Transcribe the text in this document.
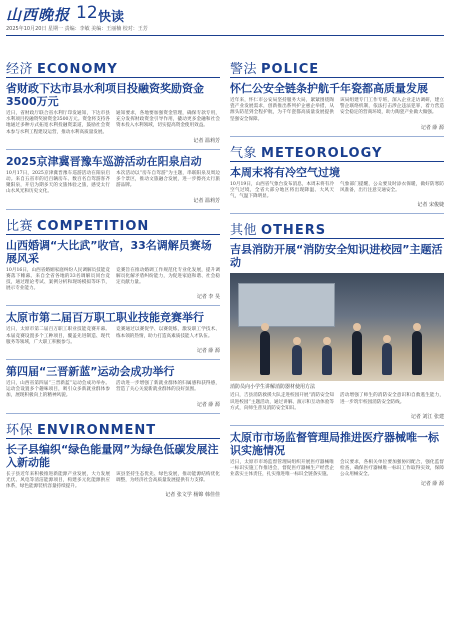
山西晚报 12 快读
2025年10月20日 星期一 责编：李敏 美编：王丽楠 校对：王芳
经济 ECONOMY
省财政下达市县水利项目投融资奖励资金3500万元
近日，省财政厅联合省水利厅印发通知，下达市县水利项目投融资奖励资金3500万元。资金将支持各地通过多种方式拓宽水利投融资渠道，鼓励社会资本参与水利工程建设运营，推动水利高质量发展。
通知要求，各地要加强资金管理，确保专款专用，充分发挥财政资金引导作用，撬动更多金融和社会资本投入水利领域，切实提高资金使用效益。
记者 温莉芳
2025京津冀晋豫车巡游活动在阳泉启动
10月17日，2025京津冀晋豫车巡游活动在阳泉启动。来自五省市的近百辆房车、数百名自驾游客齐聚阳泉，开启为期多天的文旅体验之旅，感受太行山水风光和历史文化。
本次活动以“房车自驾游”为主题，串联阳泉及周边多个景区，推动文旅融合发展，进一步擦亮太行旅游品牌。
记者 温莉芳
比赛 COMPETITION
山西婚调“大比武”收官，33名调解员赛场展风采
10月16日，山西省婚姻家庭纠纷人民调解员技能竞赛落下帷幕。来自全省各地的33名调解员同台竞技，通过理论考试、案例分析和现场模拟等环节，展示专业能力。
竞赛旨在推动婚调工作规范化专业化发展，提升调解员化解矛盾纠纷能力，为促进家庭和谐、社会稳定贡献力量。
记者 李 昊
太原市第二届百万职工职业技能竞赛举行
近日，太原市第二届百万职工职业技能竞赛开幕。本届竞赛设置多个工种项目，覆盖先进制造、现代服务等领域，广大职工积极参与。
竞赛通过以赛促学、以赛促练，激发职工学技术、练本领的热情，助力打造高素质技能人才队伍。
记者 薛 源
第四届“三晋新蓝”运动会成功举行
近日，山西省第四届“三晋新蓝”运动会成功举办。运动会设置多个趣味项目，吸引众多新就业群体参加，展现积极向上的精神风貌。
活动进一步增强了新就业群体的归属感和获得感，营造了关心关爱新就业群体的良好氛围。
记者 薛 源
环保 ENVIRONMENT
长子县编织“绿色能量网”为绿色低碳发展注入新动能
长子县近年来积极推进新能源产业发展，大力发展光伏、风电等清洁能源项目，构建多元化能源供应体系，绿色能源装机容量持续提升。
该县坚持生态优先、绿色发展，推动能源结构优化调整，为经济社会高质量发展提供有力支撑。
记者 张文学 杨锦 韩佳佳
警法 POLICE
怀仁公安全链条护航千年瓷都高质量发展
近年来，怀仁市公安局坚持服务大局，紧紧围绕陶瓷产业发展需求，创新推出系列护企惠企举措，从源头防范到全程护航，为千年瓷都高质量发展提供坚强安全保障。
该局组建专门工作专班，深入企业走访调研，建立警企联络机制，依法打击涉企违法犯罪，着力营造安全稳定的营商环境，助力陶瓷产业做大做强。
记者 薛 源
气象 METEOROLOGY
本周末将有冷空气过境
10月19日，山西省气象台发布消息，本周末将有冷空气过境，全省大部分地区将出现降温、大风天气，气温下降明显。
气象部门提醒，公众要及时添衣保暖，做好防寒防风准备，出行注意交通安全。
记者 宋俊婕
其他 OTHERS
吉县消防开展“消防安全知识进校园”主题活动
消防员向小学生讲解消防器材使用方法
近日，吉县消防救援大队走进校园开展“消防安全知识进校园”主题活动，通过讲解、演示和互动体验等方式，向师生普及消防安全知识。
活动增强了师生的消防安全意识和自救逃生能力，进一步筑牢校园消防安全防线。
记者 刘江 张建
太原市市场监督管理局推进医疗器械唯一标识实施情况
近日，太原市市场监督管理局组织开展医疗器械唯一标识实施工作推进会，督促医疗器械生产经营企业落实主体责任，扎实推进唯一标识全链条实施。
会议要求，各相关单位要加强协同配合，强化监督检查，确保医疗器械唯一标识工作取得实效，保障公众用械安全。
记者 薛 源
